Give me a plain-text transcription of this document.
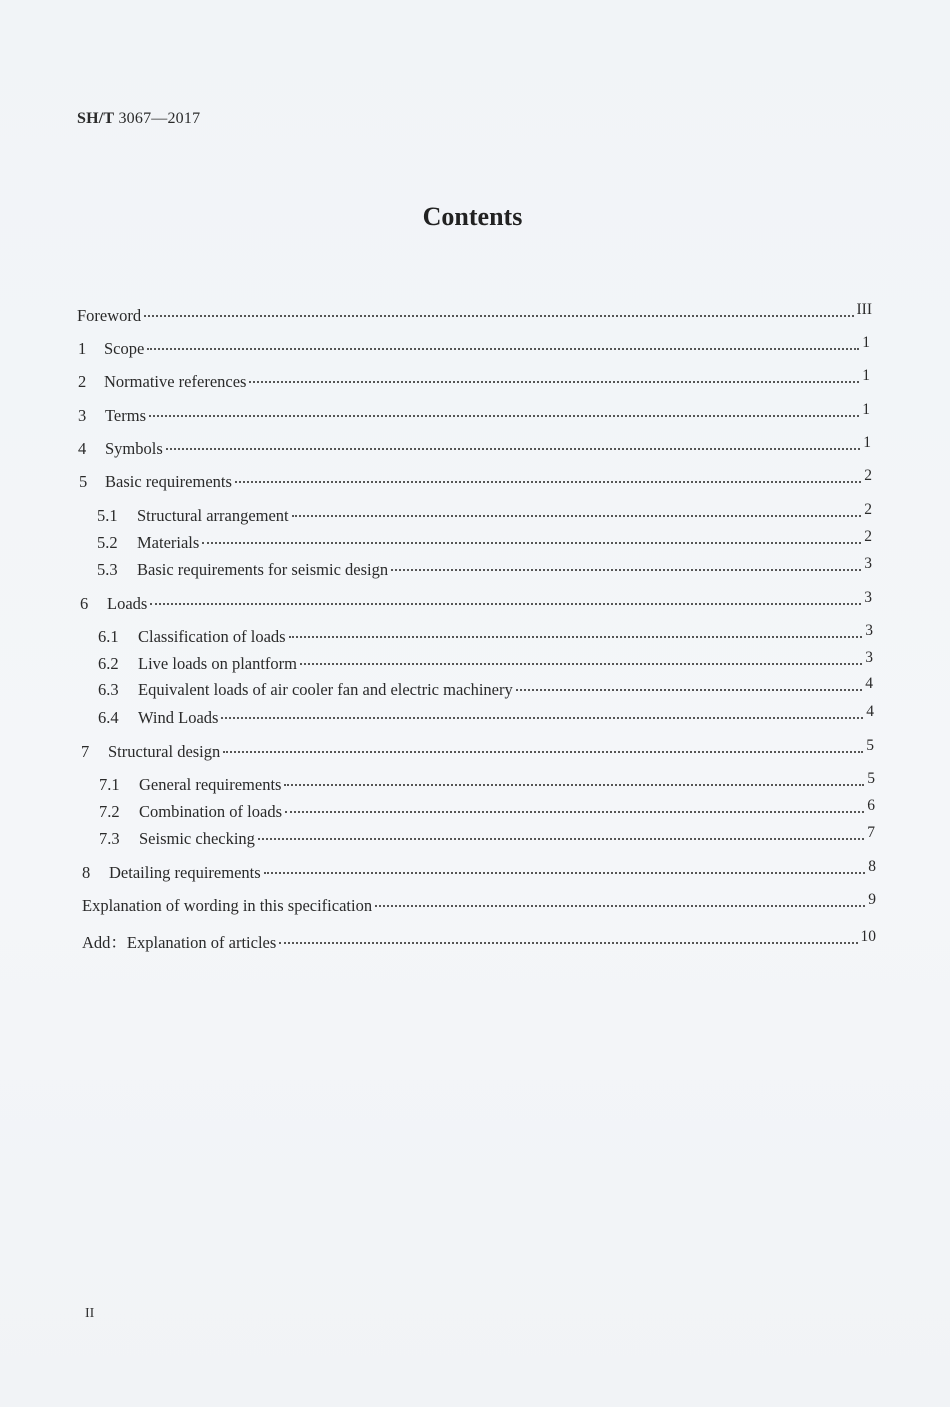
SH/T 3067—2017
Contents
Foreword	III
1	Scope	1
2	Normative references	1
3	Terms	1
4	Symbols	1
5	Basic requirements	2
5.1	Structural arrangement	2
5.2	Materials	2
5.3	Basic requirements for seismic design	3
6	Loads	3
6.1	Classification of loads	3
6.2	Live loads on plantform	3
6.3	Equivalent loads of air cooler fan and electric machinery	4
6.4	Wind Loads	4
7	Structural design	5
7.1	General requirements	5
7.2	Combination of loads	6
7.3	Seismic checking	7
8	Detailing requirements	8
Explanation of wording in this specification	9
Add：Explanation of articles	10
II
